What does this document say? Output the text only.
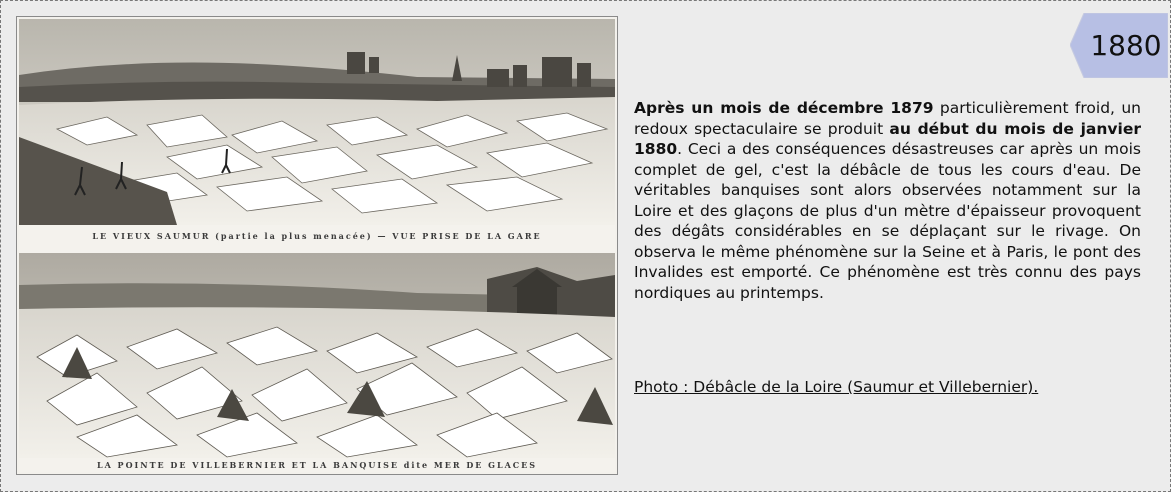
LE VIEUX SAUMUR (partie la plus menacée) — VUE PRISE DE LA GARE
LA POINTE DE VILLEBERNIER ET LA BANQUISE dite MER DE GLACES
1880

Après un mois de décembre 1879 particulièrement froid, un redoux spectaculaire se produit au début du mois de janvier 1880. Ceci a des conséquences désastreuses car après un mois complet de gel, c'est la débâcle de tous les cours d'eau. De véritables banquises sont alors observées notamment sur la Loire et des glaçons de plus d'un mètre d'épaisseur provoquent des dégâts considérables en se déplaçant sur le rivage. On observa le même phénomène sur la Seine et à Paris, le pont des Invalides est emporté. Ce phénomène est très connu des pays nordiques au printemps.

Photo : Débâcle de la Loire (Saumur et Villebernier).
